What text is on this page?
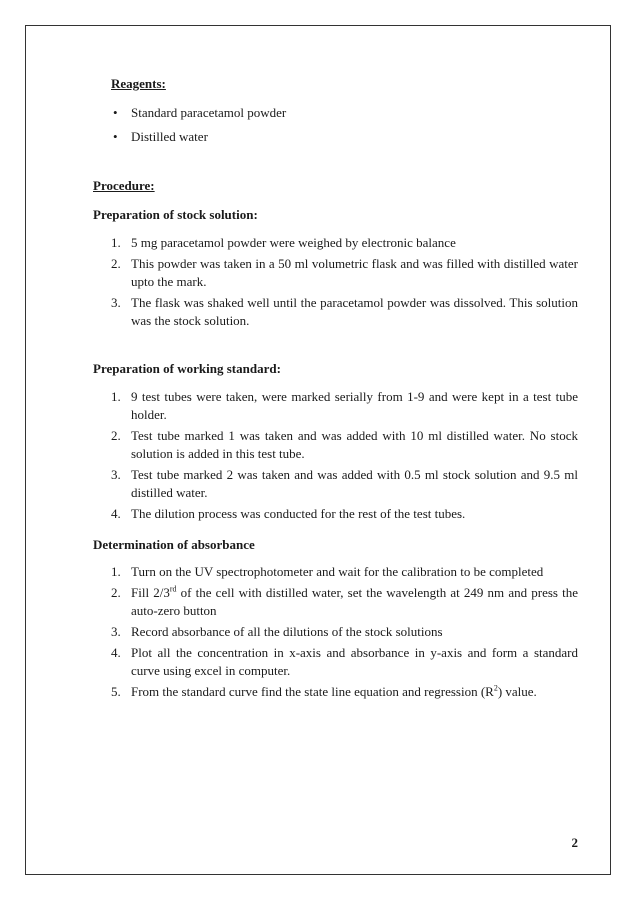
Reagents:
• Standard paracetamol powder
• Distilled water
Procedure:
Preparation of stock solution:
1. 5 mg paracetamol powder were weighed by electronic balance
2. This powder was taken in a 50 ml volumetric flask and was filled with distilled water upto the mark.
3. The flask was shaked well until the paracetamol powder was dissolved. This solution was the stock solution.
Preparation of working standard:
1. 9 test tubes were taken, were marked serially from 1-9 and were kept in a test tube holder.
2. Test tube marked 1 was taken and was added with 10 ml distilled water. No stock solution is added in this test tube.
3. Test tube marked 2 was taken and was added with 0.5 ml stock solution and 9.5 ml distilled water.
4. The dilution process was conducted for the rest of the test tubes.
Determination of absorbance
1. Turn on the UV spectrophotometer and wait for the calibration to be completed
2. Fill 2/3rd of the cell with distilled water, set the wavelength at 249 nm and press the auto-zero button
3. Record absorbance of all the dilutions of the stock solutions
4. Plot all the concentration in x-axis and absorbance in y-axis and form a standard curve using excel in computer.
5. From the standard curve find the state line equation and regression $(R^2)$ value.
2
